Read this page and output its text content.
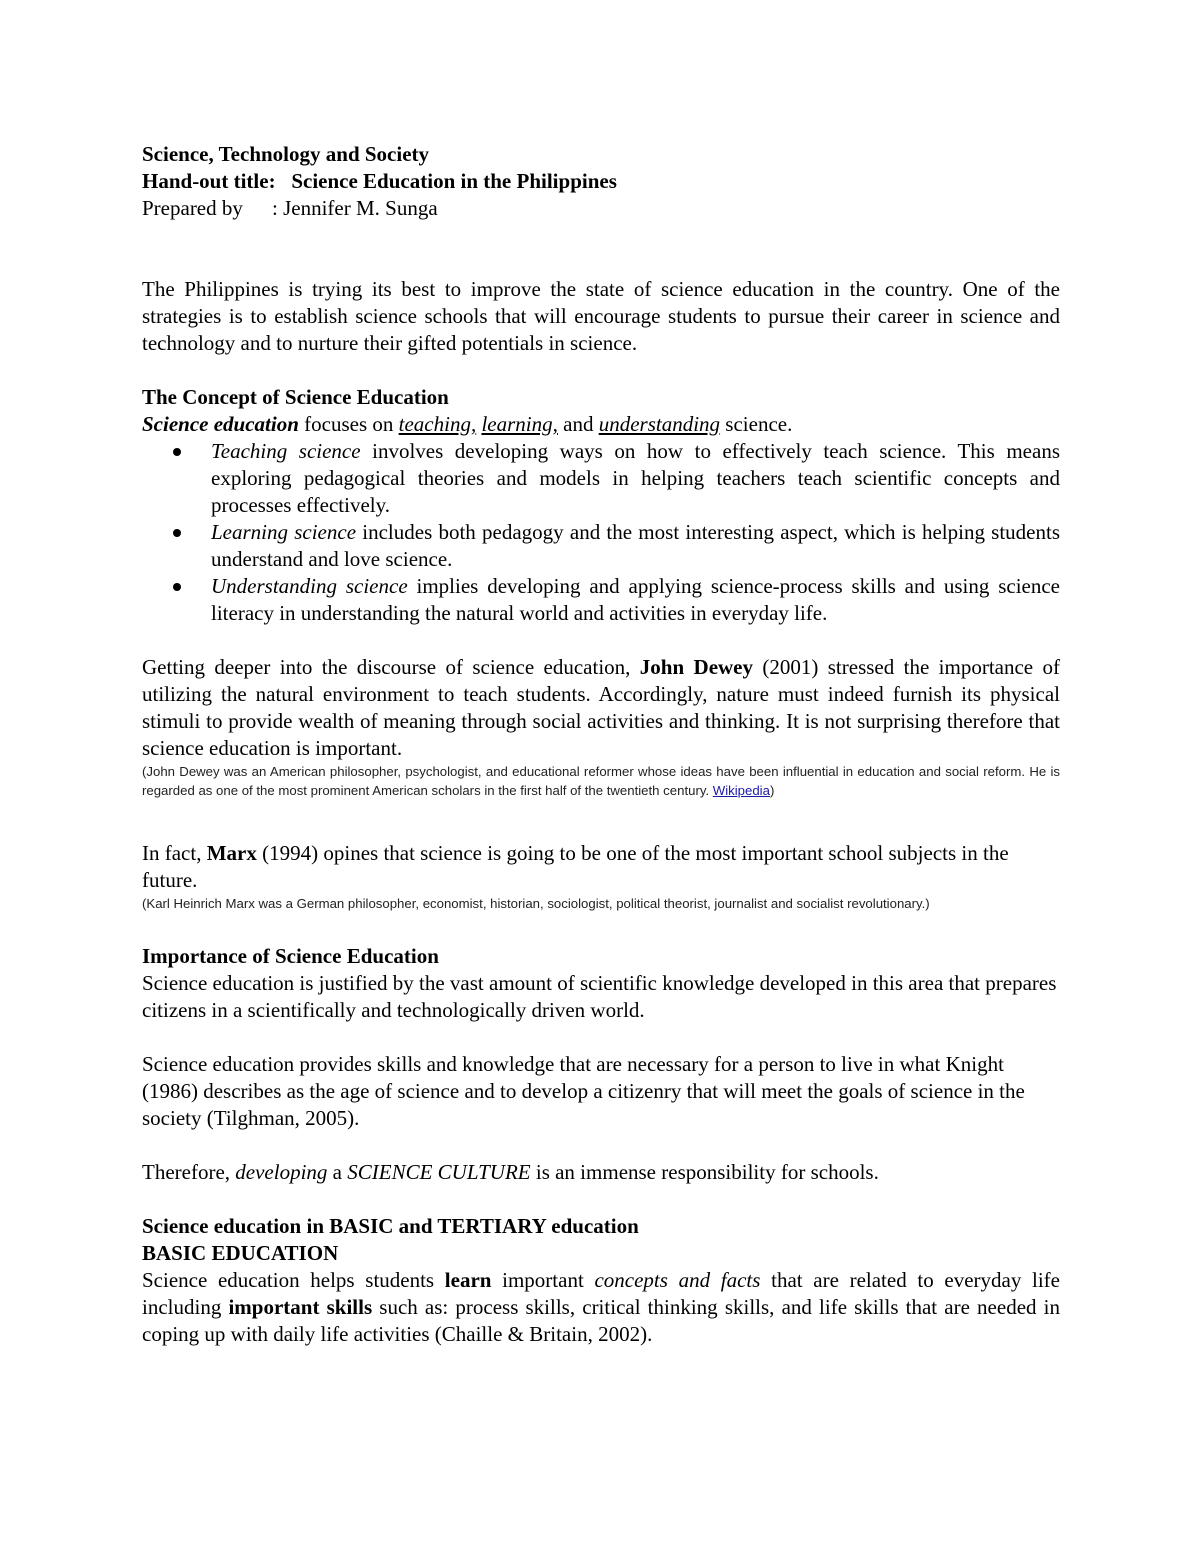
Science, Technology and Society

Hand-out title: Science Education in the Philippines

Prepared by : Jennifer M. Sunga

The Philippines is trying its best to improve the state of science education in the country. One of the strategies is to establish science schools that will encourage students to pursue their career in science and technology and to nurture their gifted potentials in science.

The Concept of Science Education

Science education focuses on teaching, learning, and understanding science.

Teaching science involves developing ways on how to effectively teach science. This means exploring pedagogical theories and models in helping teachers teach scientific concepts and processes effectively.
Learning science includes both pedagogy and the most interesting aspect, which is helping students understand and love science.
Understanding science implies developing and applying science-process skills and using science literacy in understanding the natural world and activities in everyday life.

Getting deeper into the discourse of science education, John Dewey (2001) stressed the importance of utilizing the natural environment to teach students. Accordingly, nature must indeed furnish its physical stimuli to provide wealth of meaning through social activities and thinking. It is not surprising therefore that science education is important.

(John Dewey was an American philosopher, psychologist, and educational reformer whose ideas have been influential in education and social reform. He is regarded as one of the most prominent American scholars in the first half of the twentieth century. Wikipedia)

In fact, Marx (1994) opines that science is going to be one of the most important school subjects in the future.

(Karl Heinrich Marx was a German philosopher, economist, historian, sociologist, political theorist, journalist and socialist revolutionary.)

Importance of Science Education

Science education is justified by the vast amount of scientific knowledge developed in this area that prepares citizens in a scientifically and technologically driven world.

Science education provides skills and knowledge that are necessary for a person to live in what Knight (1986) describes as the age of science and to develop a citizenry that will meet the goals of science in the society (Tilghman, 2005).

Therefore, developing a SCIENCE CULTURE is an immense responsibility for schools.

Science education in BASIC and TERTIARY education

BASIC EDUCATION

Science education helps students learn important concepts and facts that are related to everyday life including important skills such as: process skills, critical thinking skills, and life skills that are needed in coping up with daily life activities (Chaille & Britain, 2002).
